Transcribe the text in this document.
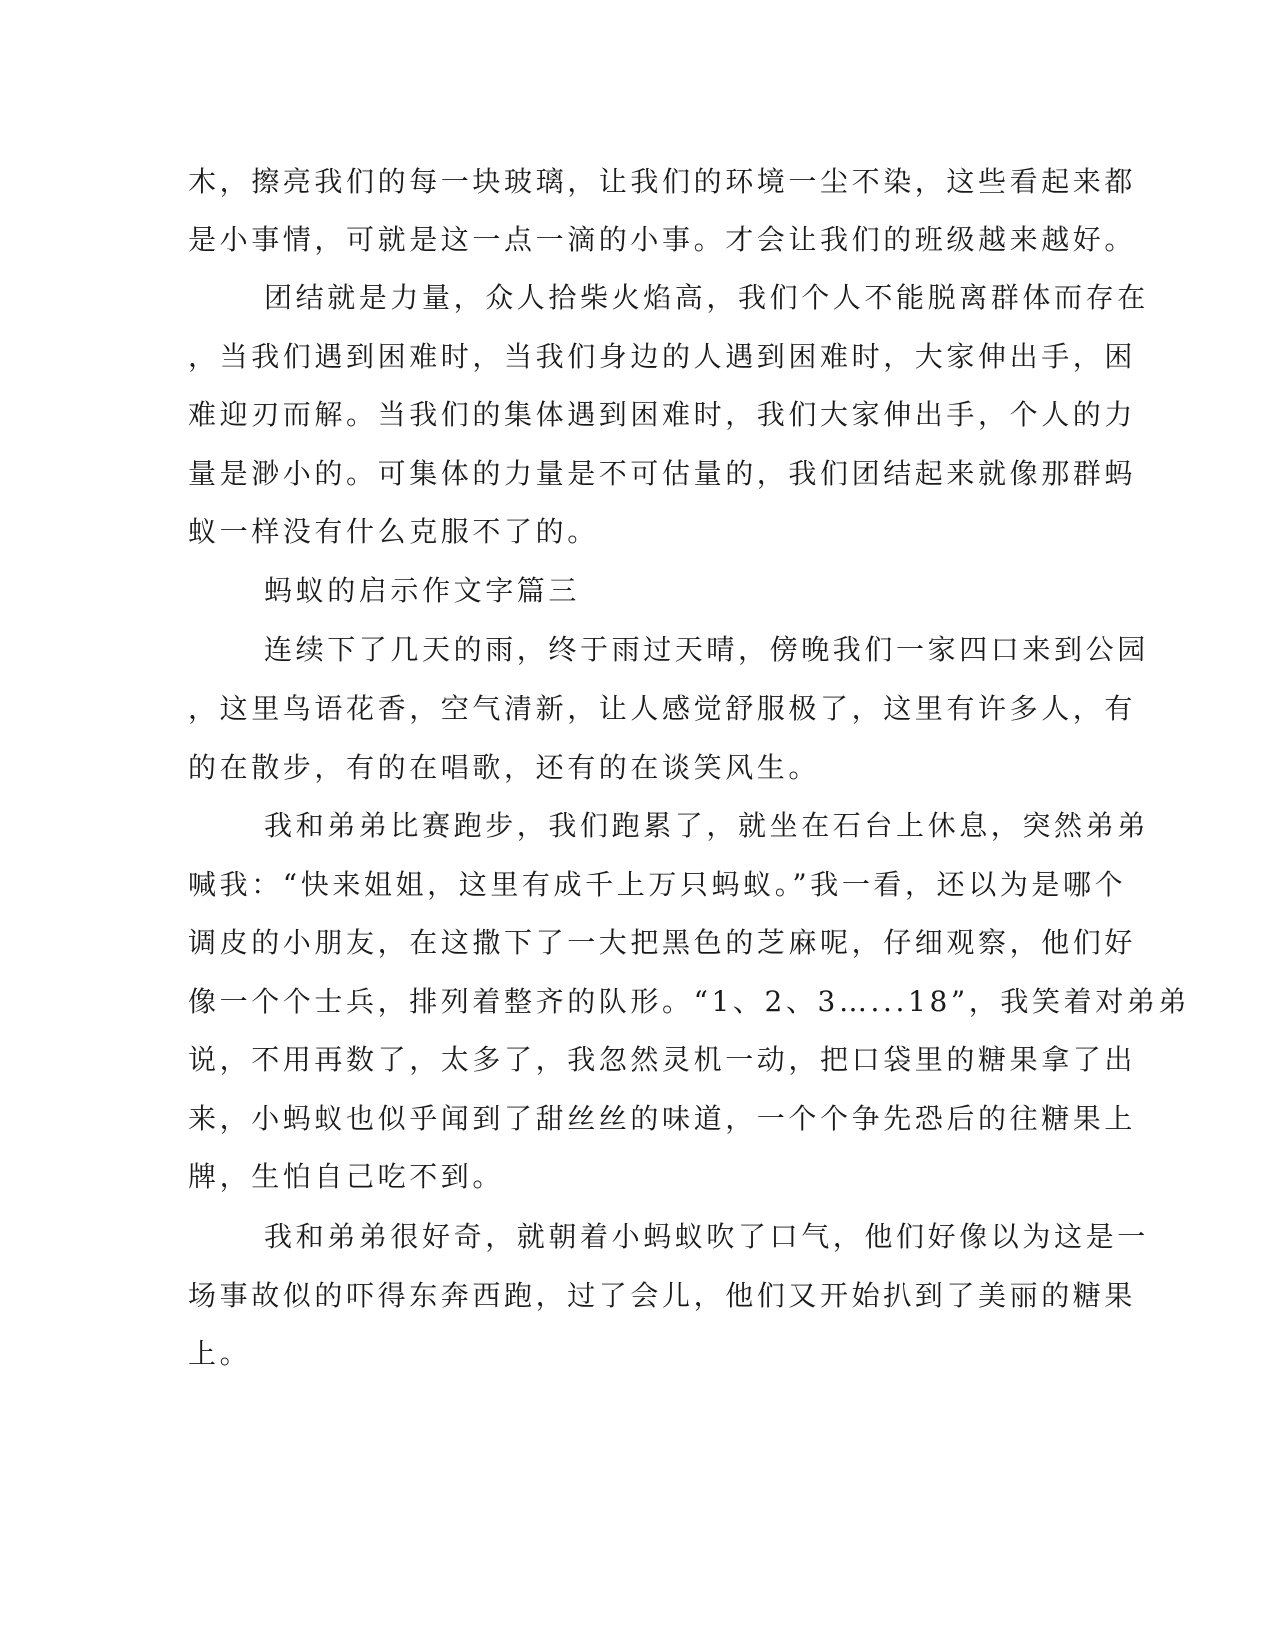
木，擦亮我们的每一块玻璃，让我们的环境一尘不染，这些看起来都
是小事情，可就是这一点一滴的小事。才会让我们的班级越来越好。
团结就是力量，众人拾柴火焰高，我们个人不能脱离群体而存在
，当我们遇到困难时，当我们身边的人遇到困难时，大家伸出手，困
难迎刃而解。当我们的集体遇到困难时，我们大家伸出手，个人的力
量是渺小的。可集体的力量是不可估量的，我们团结起来就像那群蚂
蚁一样没有什么克服不了的。
蚂蚁的启示作文字篇三
连续下了几天的雨，终于雨过天晴，傍晚我们一家四口来到公园
，这里鸟语花香，空气清新，让人感觉舒服极了，这里有许多人，有
的在散步，有的在唱歌，还有的在谈笑风生。
我和弟弟比赛跑步，我们跑累了，就坐在石台上休息，突然弟弟
喊我：“快来姐姐，这里有成千上万只蚂蚁。”我一看，还以为是哪个
调皮的小朋友，在这撒下了一大把黑色的芝麻呢，仔细观察，他们好
像一个个士兵，排列着整齐的队形。“1、2、3…...18”，我笑着对弟弟
说，不用再数了，太多了，我忽然灵机一动，把口袋里的糖果拿了出
来，小蚂蚁也似乎闻到了甜丝丝的味道，一个个争先恐后的往糖果上
牌，生怕自己吃不到。
我和弟弟很好奇，就朝着小蚂蚁吹了口气，他们好像以为这是一
场事故似的吓得东奔西跑，过了会儿，他们又开始扒到了美丽的糖果
上。
